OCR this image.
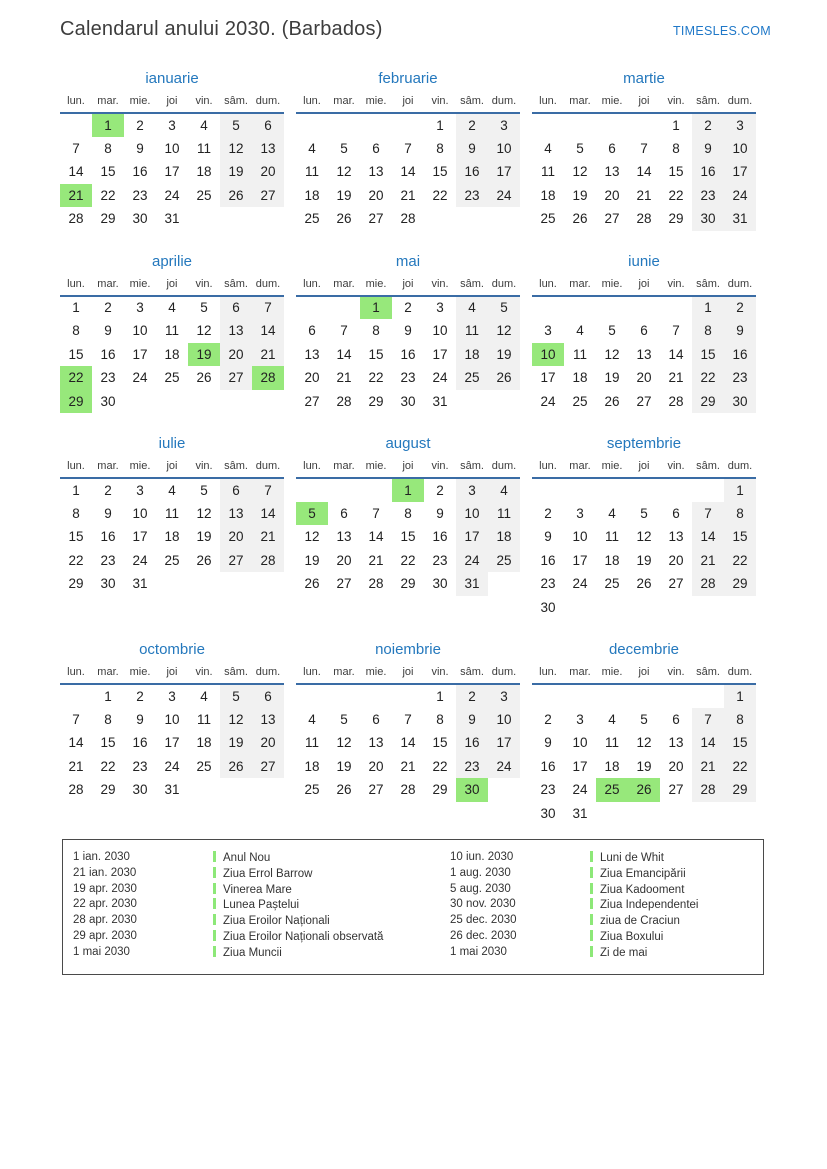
Calendarul anului 2030. (Barbados)	TIMESLES.COM
ianuarie
lun.	mar.	mie.	joi	vin.	sâm.	dum.
	1	2	3	4	5	6
7	8	9	10	11	12	13
14	15	16	17	18	19	20
21	22	23	24	25	26	27
28	29	30	31			
februarie
lun.	mar.	mie.	joi	vin.	sâm.	dum.
				1	2	3
4	5	6	7	8	9	10
11	12	13	14	15	16	17
18	19	20	21	22	23	24
25	26	27	28			
martie
lun.	mar.	mie.	joi	vin.	sâm.	dum.
				1	2	3
4	5	6	7	8	9	10
11	12	13	14	15	16	17
18	19	20	21	22	23	24
25	26	27	28	29	30	31
aprilie
lun.	mar.	mie.	joi	vin.	sâm.	dum.
1	2	3	4	5	6	7
8	9	10	11	12	13	14
15	16	17	18	19	20	21
22	23	24	25	26	27	28
29	30					
mai
lun.	mar.	mie.	joi	vin.	sâm.	dum.
		1	2	3	4	5
6	7	8	9	10	11	12
13	14	15	16	17	18	19
20	21	22	23	24	25	26
27	28	29	30	31		
iunie
lun.	mar.	mie.	joi	vin.	sâm.	dum.
					1	2
3	4	5	6	7	8	9
10	11	12	13	14	15	16
17	18	19	20	21	22	23
24	25	26	27	28	29	30
iulie
lun.	mar.	mie.	joi	vin.	sâm.	dum.
1	2	3	4	5	6	7
8	9	10	11	12	13	14
15	16	17	18	19	20	21
22	23	24	25	26	27	28
29	30	31				
august
lun.	mar.	mie.	joi	vin.	sâm.	dum.
			1	2	3	4
5	6	7	8	9	10	11
12	13	14	15	16	17	18
19	20	21	22	23	24	25
26	27	28	29	30	31	
septembrie
lun.	mar.	mie.	joi	vin.	sâm.	dum.
						1
2	3	4	5	6	7	8
9	10	11	12	13	14	15
16	17	18	19	20	21	22
23	24	25	26	27	28	29
30						
octombrie
lun.	mar.	mie.	joi	vin.	sâm.	dum.
	1	2	3	4	5	6
7	8	9	10	11	12	13
14	15	16	17	18	19	20
21	22	23	24	25	26	27
28	29	30	31			
noiembrie
lun.	mar.	mie.	joi	vin.	sâm.	dum.
				1	2	3
4	5	6	7	8	9	10
11	12	13	14	15	16	17
18	19	20	21	22	23	24
25	26	27	28	29	30	
decembrie
lun.	mar.	mie.	joi	vin.	sâm.	dum.
						1
2	3	4	5	6	7	8
9	10	11	12	13	14	15
16	17	18	19	20	21	22
23	24	25	26	27	28	29
30	31					
1 ian. 2030	Anul Nou	10 iun. 2030	Luni de Whit
21 ian. 2030	Ziua Errol Barrow	1 aug. 2030	Ziua Emancipării
19 apr. 2030	Vinerea Mare	5 aug. 2030	Ziua Kadooment
22 apr. 2030	Lunea Paștelui	30 nov. 2030	Ziua Independentei
28 apr. 2030	Ziua Eroilor Naționali	25 dec. 2030	ziua de Craciun
29 apr. 2030	Ziua Eroilor Naționali observată	26 dec. 2030	Ziua Boxului
1 mai 2030	Ziua Muncii	1 mai 2030	Zi de mai
